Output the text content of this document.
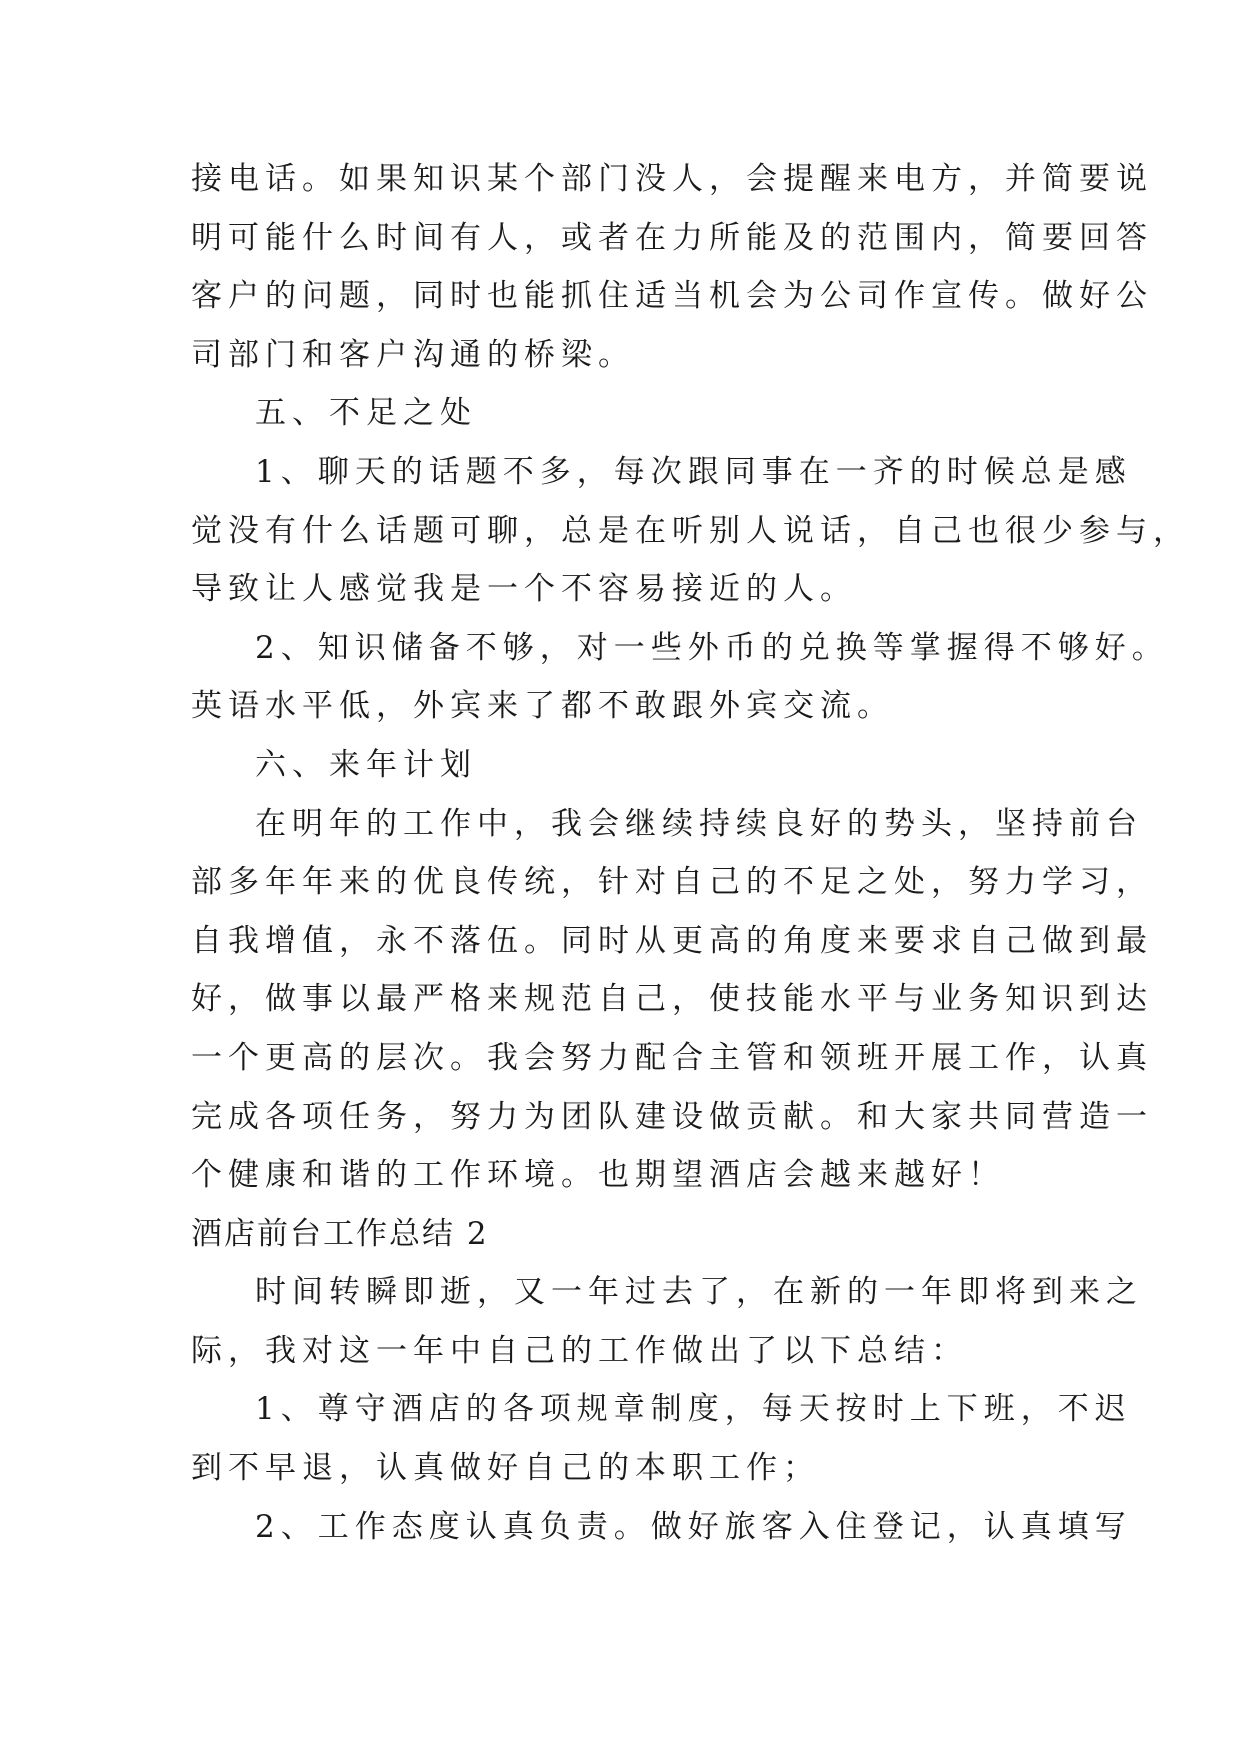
接电话。如果知识某个部门没人，会提醒来电方，并简要说
明可能什么时间有人，或者在力所能及的范围内，简要回答
客户的问题，同时也能抓住适当机会为公司作宣传。做好公
司部门和客户沟通的桥梁。
五、不足之处
1、聊天的话题不多，每次跟同事在一齐的时候总是感
觉没有什么话题可聊，总是在听别人说话，自己也很少参与，
导致让人感觉我是一个不容易接近的人。
2、知识储备不够，对一些外币的兑换等掌握得不够好。
英语水平低，外宾来了都不敢跟外宾交流。
六、来年计划
在明年的工作中，我会继续持续良好的势头，坚持前台
部多年年来的优良传统，针对自己的不足之处，努力学习，
自我增值，永不落伍。同时从更高的角度来要求自己做到最
好，做事以最严格来规范自己，使技能水平与业务知识到达
一个更高的层次。我会努力配合主管和领班开展工作，认真
完成各项任务，努力为团队建设做贡献。和大家共同营造一
个健康和谐的工作环境。也期望酒店会越来越好！
酒店前台工作总结 2
时间转瞬即逝，又一年过去了，在新的一年即将到来之
际，我对这一年中自己的工作做出了以下总结：
1、尊守酒店的各项规章制度，每天按时上下班，不迟
到不早退，认真做好自己的本职工作；
2、工作态度认真负责。做好旅客入住登记，认真填写
